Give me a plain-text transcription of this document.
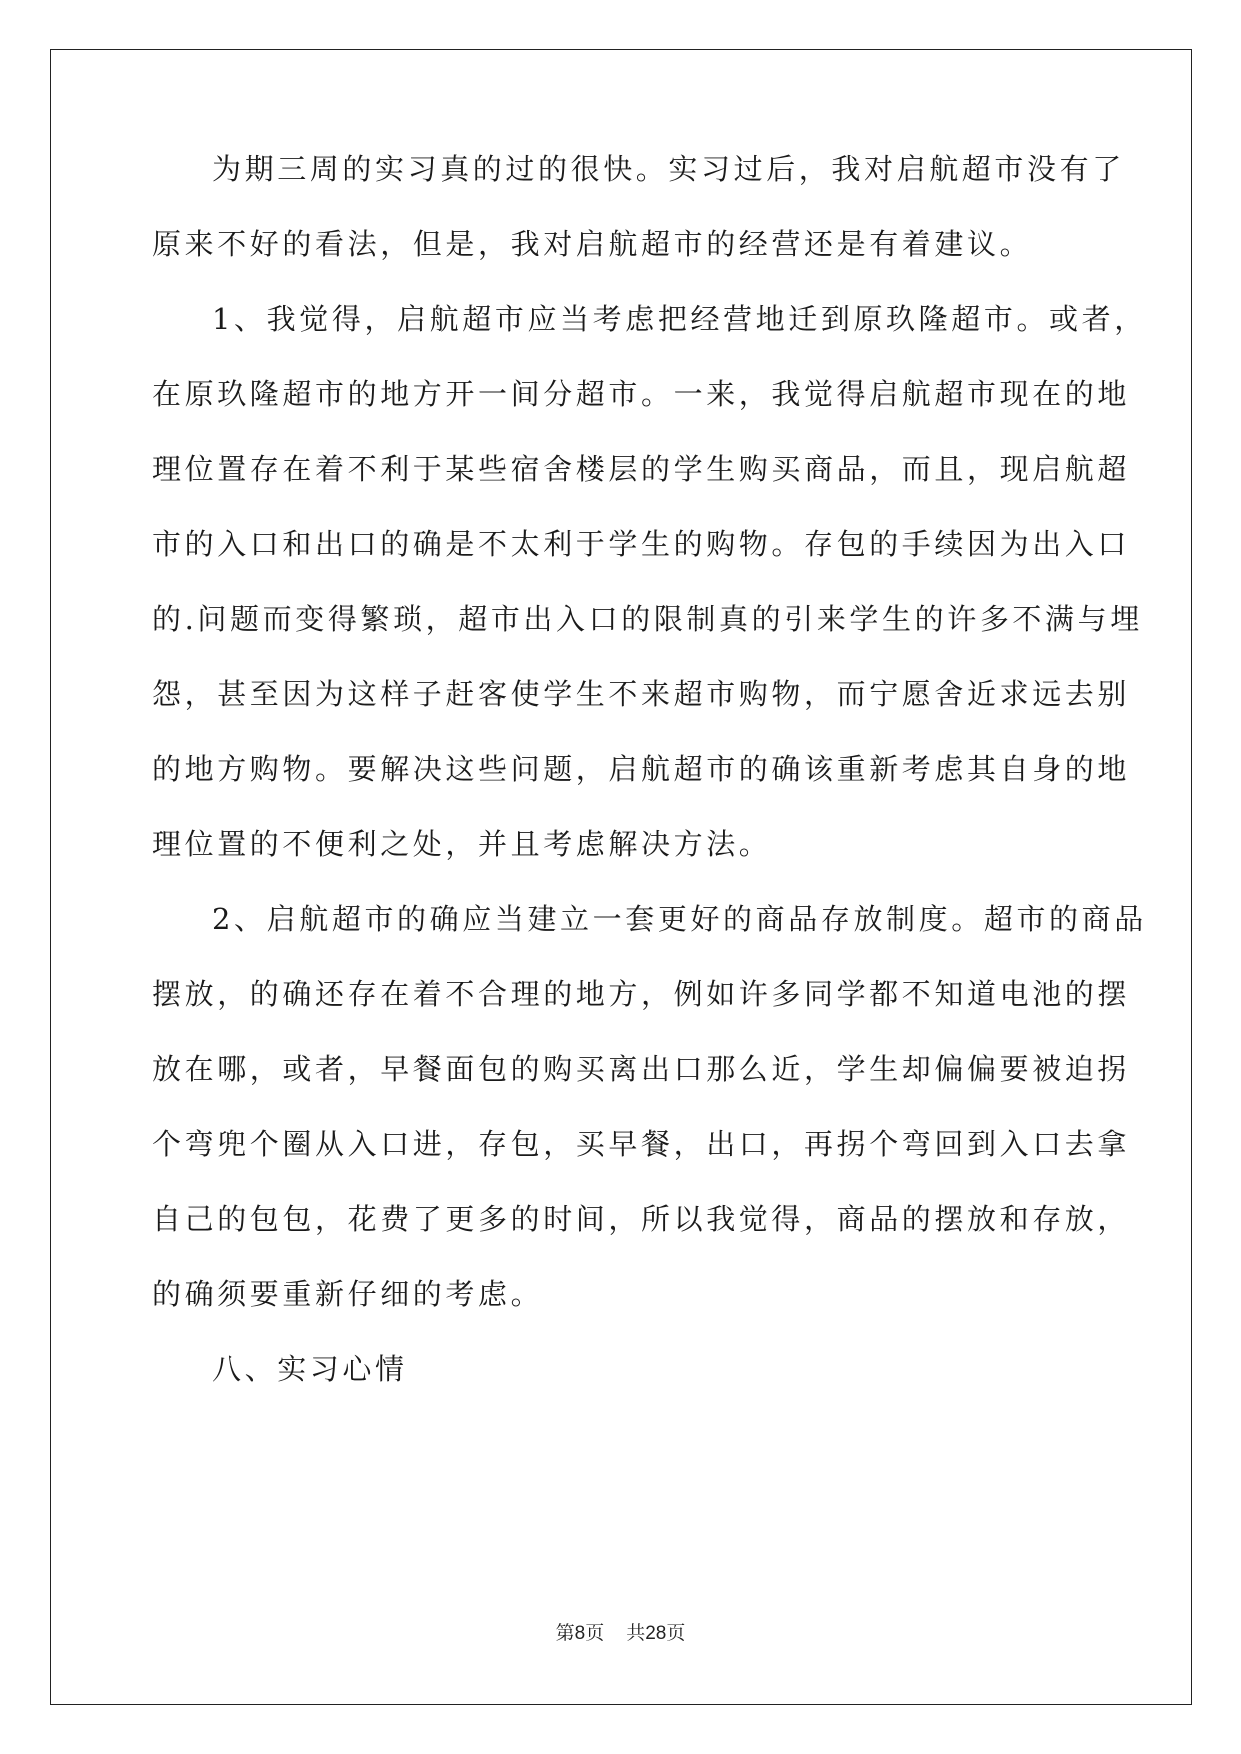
为期三周的实习真的过的很快。实习过后，我对启航超市没有了
原来不好的看法，但是，我对启航超市的经营还是有着建议。
1、我觉得，启航超市应当考虑把经营地迁到原玖隆超市。或者，
在原玖隆超市的地方开一间分超市。一来，我觉得启航超市现在的地
理位置存在着不利于某些宿舍楼层的学生购买商品，而且，现启航超
市的入口和出口的确是不太利于学生的购物。存包的手续因为出入口
的.问题而变得繁琐，超市出入口的限制真的引来学生的许多不满与埋
怨，甚至因为这样子赶客使学生不来超市购物，而宁愿舍近求远去别
的地方购物。要解决这些问题，启航超市的确该重新考虑其自身的地
理位置的不便利之处，并且考虑解决方法。
2、启航超市的确应当建立一套更好的商品存放制度。超市的商品
摆放，的确还存在着不合理的地方，例如许多同学都不知道电池的摆
放在哪，或者，早餐面包的购买离出口那么近，学生却偏偏要被迫拐
个弯兜个圈从入口进，存包，买早餐，出口，再拐个弯回到入口去拿
自己的包包，花费了更多的时间，所以我觉得，商品的摆放和存放，
的确须要重新仔细的考虑。
八、实习心情
第8页 共28页
